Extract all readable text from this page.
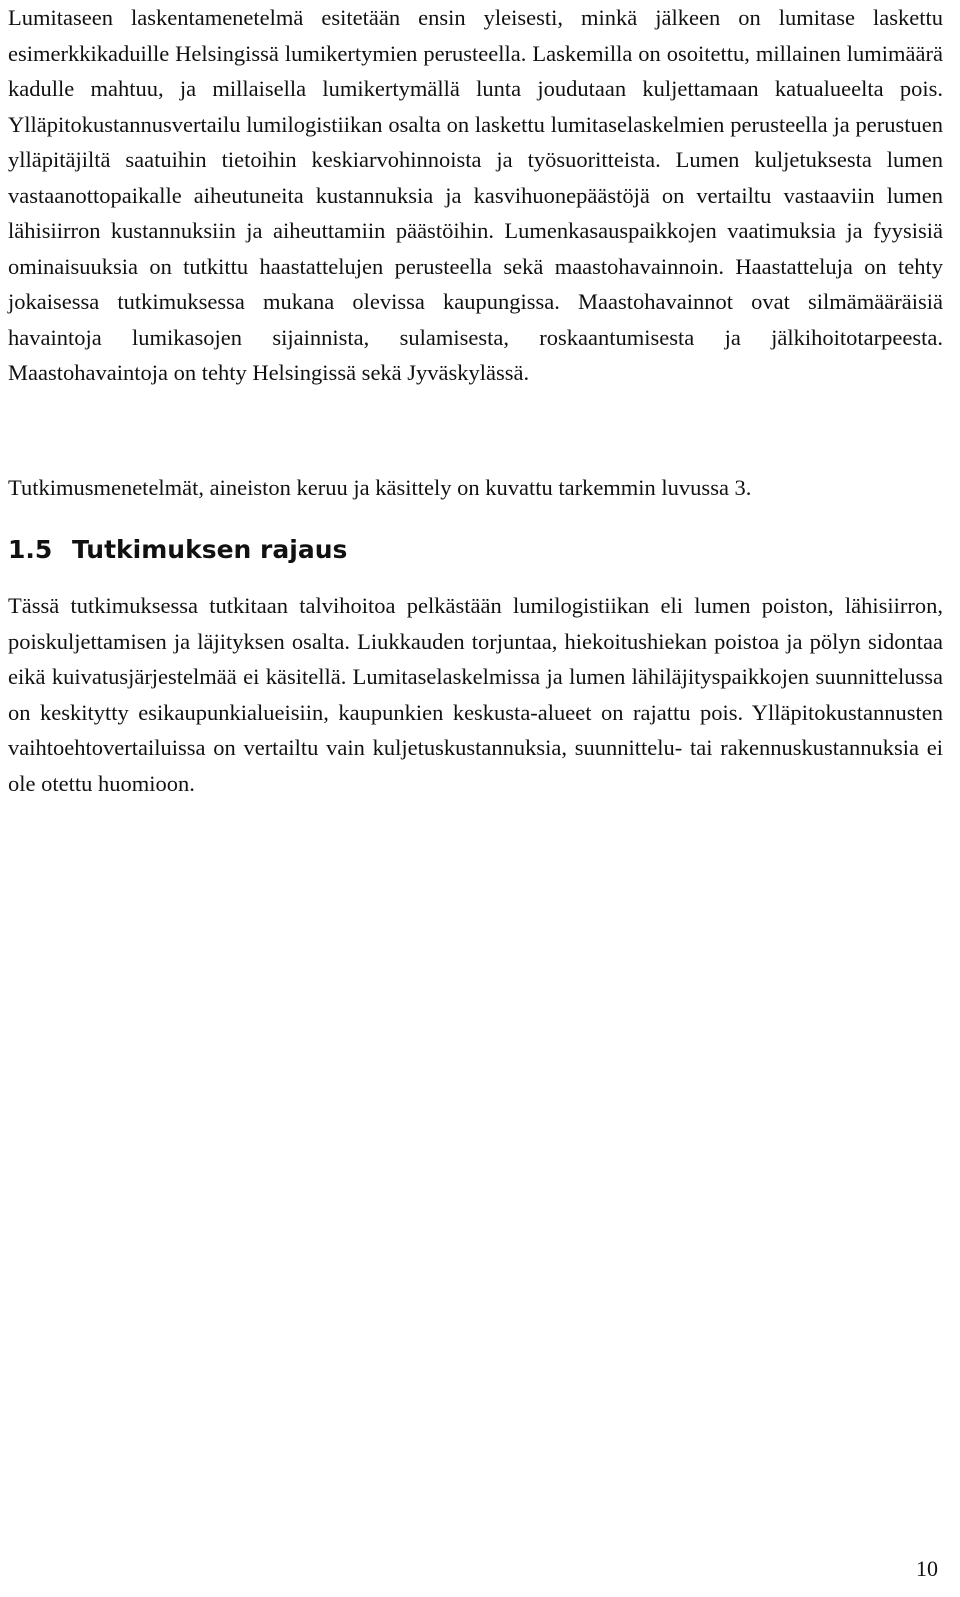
Lumitaseen laskentamenetelmä esitetään ensin yleisesti, minkä jälkeen on lumitase laskettu esimerkkikaduille Helsingissä lumikertymien perusteella. Laskemilla on osoitettu, millainen lumimäärä kadulle mahtuu, ja millaisella lumikertymällä lunta joudutaan kuljettamaan katualueelta pois. Ylläpitokustannusvertailu lumilogistiikan osalta on laskettu lumitaselaskelmien perusteella ja perustuen ylläpitäjiltä saatuihin tietoihin keskiarvohinnoista ja työsuoritteista. Lumen kuljetuksesta lumen vastaanottopaikalle aiheutuneita kustannuksia ja kasvihuonepäästöjä on vertailtu vastaaviin lumen lähisiirron kustannuksiin ja aiheuttamiin päästöihin. Lumenkasauspaikkojen vaatimuksia ja fyysisiä ominaisuuksia on tutkittu haastattelujen perusteella sekä maastohavainnoin. Haastatteluja on tehty jokaisessa tutkimuksessa mukana olevissa kaupungissa. Maastohavainnot ovat silmämääräisiä havaintoja lumikasojen sijainnista, sulamisesta, roskaantumisesta ja jälkihoitotarpeesta. Maastohavaintoja on tehty Helsingissä sekä Jyväskylässä.

Tutkimusmenetelmät, aineiston keruu ja käsittely on kuvattu tarkemmin luvussa 3.

1.5 Tutkimuksen rajaus

Tässä tutkimuksessa tutkitaan talvihoitoa pelkästään lumilogistiikan eli lumen poiston, lähisiirron, poiskuljettamisen ja läjityksen osalta. Liukkauden torjuntaa, hiekoitushiekan poistoa ja pölyn sidontaa eikä kuivatusjärjestelmää ei käsitellä. Lumitaselaskelmissa ja lumen lähiläjityspaikkojen suunnittelussa on keskitytty esikaupunkialueisiin, kaupunkien keskusta-alueet on rajattu pois. Ylläpitokustannusten vaihtoehtovertailuissa on vertailtu vain kuljetuskustannuksia, suunnittelu- tai rakennuskustannuksia ei ole otettu huomioon.

10
